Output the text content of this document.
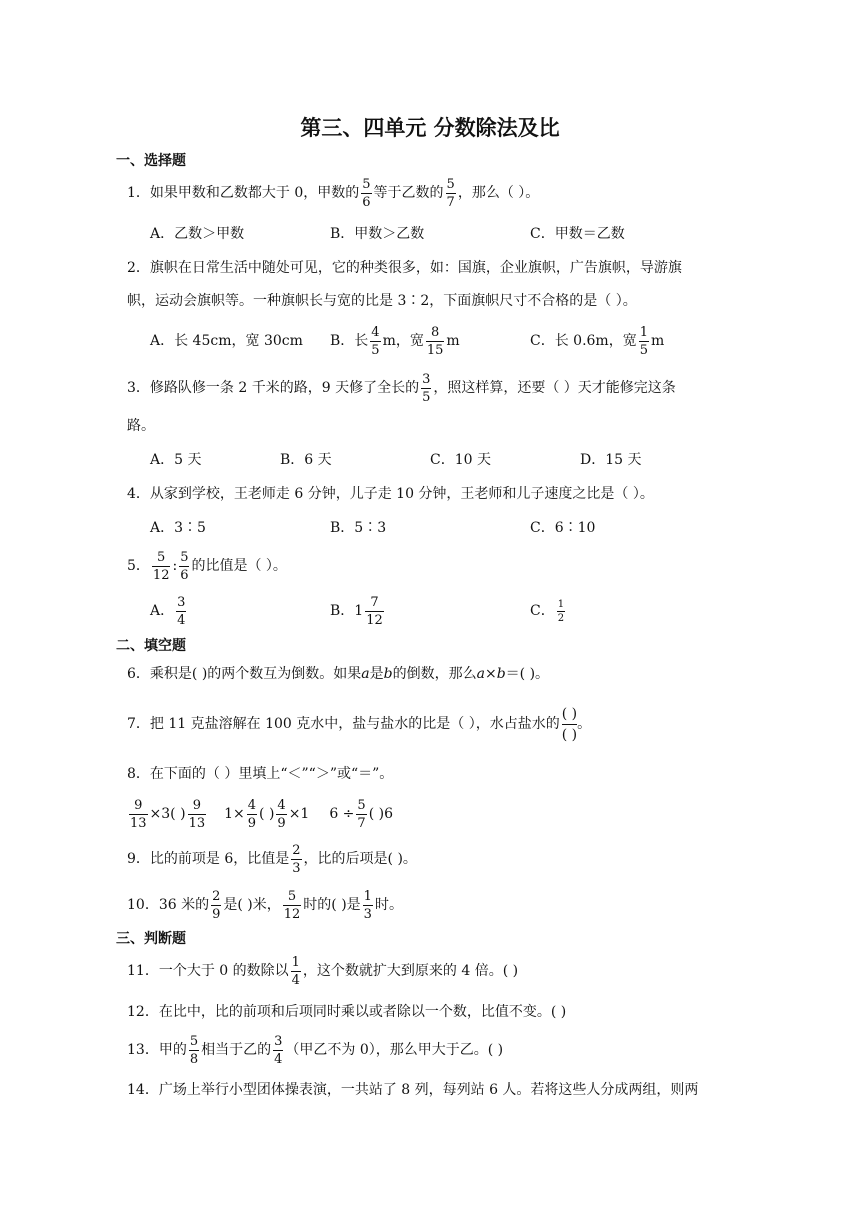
第三、四单元 分数除法及比
一、选择题
1．如果甲数和乙数都大于 0，甲数的 $\frac{5}{6}$ 等于乙数的 $\frac{5}{7}$ ，那么（ ）。
A．乙数＞甲数	B．甲数＞乙数	C．甲数＝乙数
2．旗帜在日常生活中随处可见，它的种类很多，如：国旗，企业旗帜，广告旗帜，导游旗
帜，运动会旗帜等。一种旗帜长与宽的比是 3∶2，下面旗帜尺寸不合格的是（ ）。
A．长 45cm，宽 30cm B．长 $\frac{4}{5}$ m，宽 $\frac{8}{15}$ m	C．长 0.6m，宽 $\frac{1}{5}$ m
3．修路队修一条 2 千米的路，9 天修了全长的 $\frac{3}{5}$ ，照这样算，还要（ ）天才能修完这条
路。
A．5 天	B．6 天	C．10 天	D．15 天
4．从家到学校，王老师走 6 分钟，儿子走 10 分钟，王老师和儿子速度之比是（ ）。
A．3∶5	B．5∶3	C．6∶10
5． $\frac{5}{12}$ : $\frac{5}{6}$ 的比值是（ ）。
A． $\frac{3}{4}$	B．$1 \frac{7}{12}$	C． $\frac{1}{2}$
二、填空题
6．乘积是( )的两个数互为倒数。如果a是b的倒数，那么a×b＝( )。
7．把 11 克盐溶解在 100 克水中，盐与盐水的比是（ ），水占盐水的 $\frac{( )}{( )}$ 。
8．在下面的（ ）里填上“＜”“＞”或“＝”。
$\frac{9}{13} \times 3$( ) $\frac{9}{13} 1\times \frac{4}{9}$ ( ) $\frac{4}{9} \times 1$ $6 \div \frac{5}{7}$ ( )6
9．比的前项是 6，比值是 $\frac{2}{3}$ ，比的后项是( )。
10．36 米的 $\frac{2}{9}$ 是( )米， $\frac{5}{12}$ 时的( )是 $\frac{1}{3}$ 时。
三、判断题
11．一个大于 0 的数除以 $\frac{1}{4}$ ，这个数就扩大到原来的 4 倍。( )
12．在比中，比的前项和后项同时乘以或者除以一个数，比值不变。( )
13．甲的 $\frac{5}{8}$ 相当于乙的 $\frac{3}{4}$ （甲乙不为 0），那么甲大于乙。( )
14．广场上举行小型团体操表演，一共站了 8 列，每列站 6 人。若将这些人分成两组，则两
